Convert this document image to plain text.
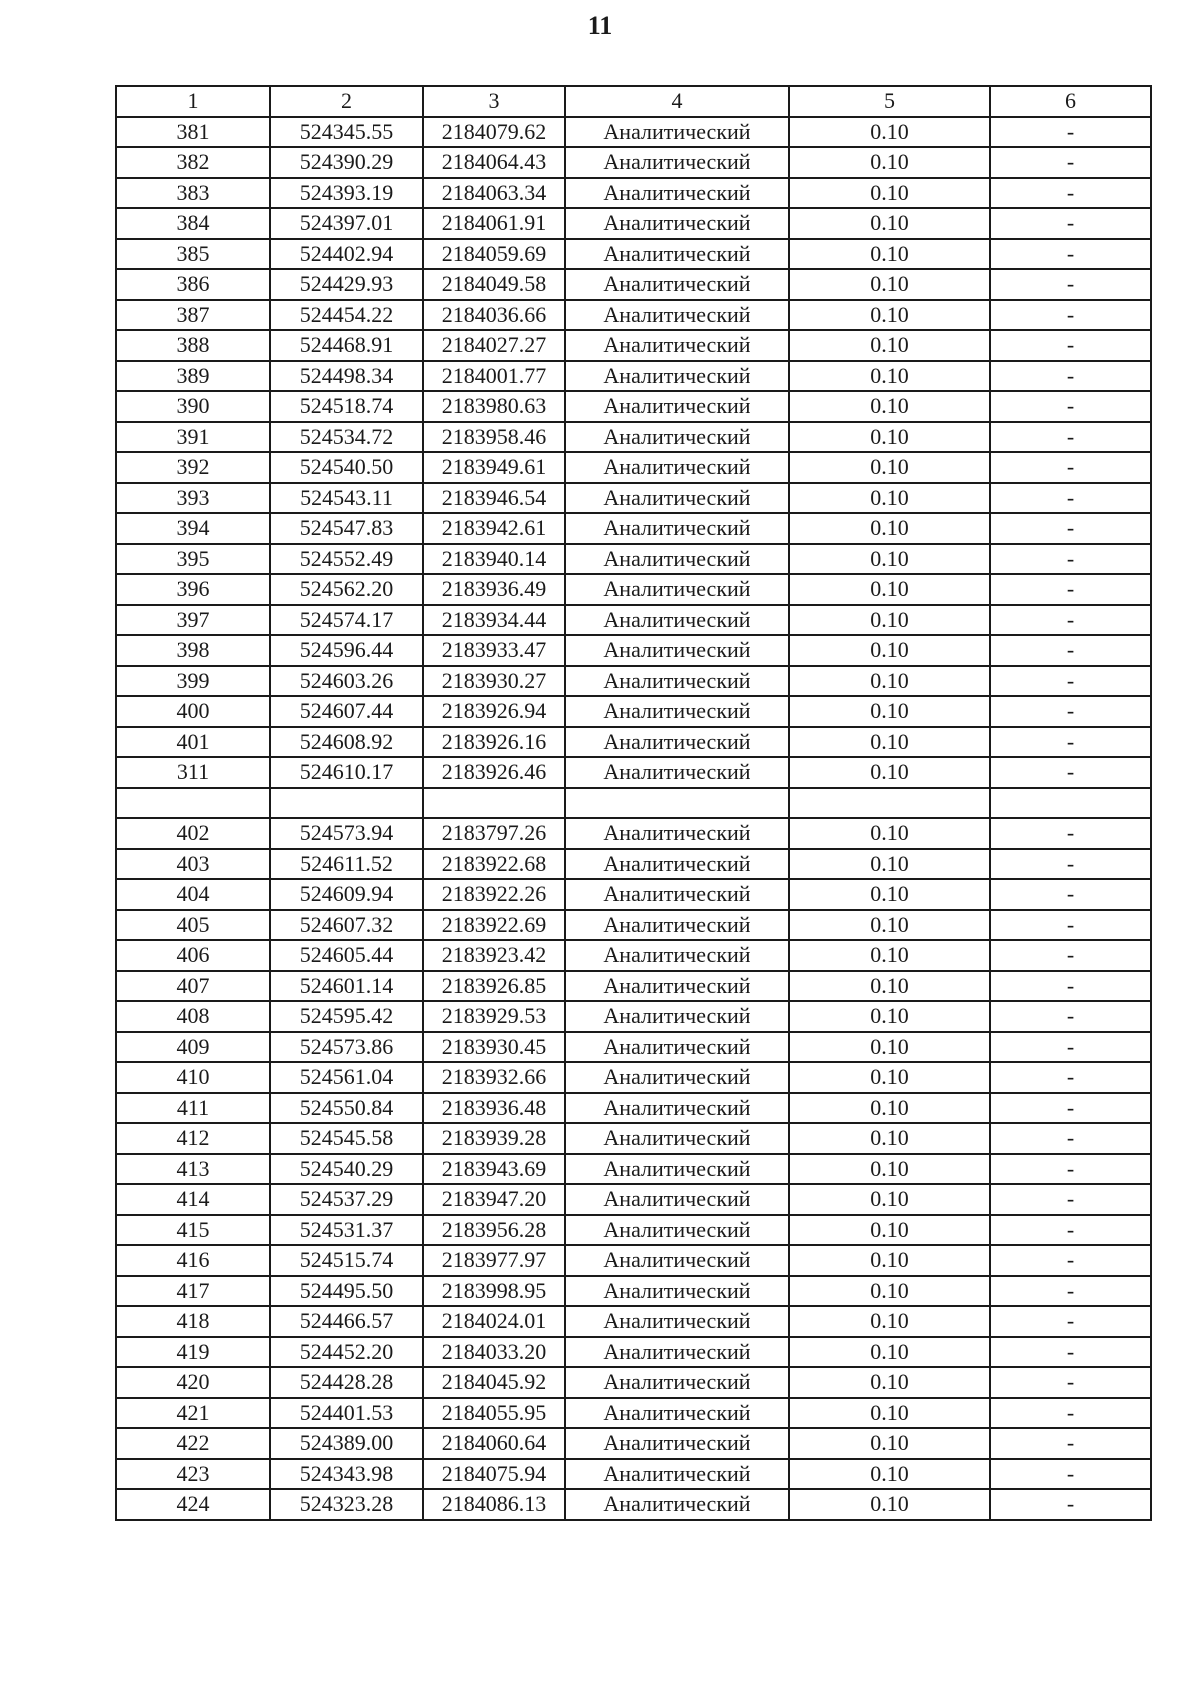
11
1	2	3	4	5	6
381	524345.55	2184079.62	Аналитический	0.10	-
382	524390.29	2184064.43	Аналитический	0.10	-
383	524393.19	2184063.34	Аналитический	0.10	-
384	524397.01	2184061.91	Аналитический	0.10	-
385	524402.94	2184059.69	Аналитический	0.10	-
386	524429.93	2184049.58	Аналитический	0.10	-
387	524454.22	2184036.66	Аналитический	0.10	-
388	524468.91	2184027.27	Аналитический	0.10	-
389	524498.34	2184001.77	Аналитический	0.10	-
390	524518.74	2183980.63	Аналитический	0.10	-
391	524534.72	2183958.46	Аналитический	0.10	-
392	524540.50	2183949.61	Аналитический	0.10	-
393	524543.11	2183946.54	Аналитический	0.10	-
394	524547.83	2183942.61	Аналитический	0.10	-
395	524552.49	2183940.14	Аналитический	0.10	-
396	524562.20	2183936.49	Аналитический	0.10	-
397	524574.17	2183934.44	Аналитический	0.10	-
398	524596.44	2183933.47	Аналитический	0.10	-
399	524603.26	2183930.27	Аналитический	0.10	-
400	524607.44	2183926.94	Аналитический	0.10	-
401	524608.92	2183926.16	Аналитический	0.10	-
311	524610.17	2183926.46	Аналитический	0.10	-

402	524573.94	2183797.26	Аналитический	0.10	-
403	524611.52	2183922.68	Аналитический	0.10	-
404	524609.94	2183922.26	Аналитический	0.10	-
405	524607.32	2183922.69	Аналитический	0.10	-
406	524605.44	2183923.42	Аналитический	0.10	-
407	524601.14	2183926.85	Аналитический	0.10	-
408	524595.42	2183929.53	Аналитический	0.10	-
409	524573.86	2183930.45	Аналитический	0.10	-
410	524561.04	2183932.66	Аналитический	0.10	-
411	524550.84	2183936.48	Аналитический	0.10	-
412	524545.58	2183939.28	Аналитический	0.10	-
413	524540.29	2183943.69	Аналитический	0.10	-
414	524537.29	2183947.20	Аналитический	0.10	-
415	524531.37	2183956.28	Аналитический	0.10	-
416	524515.74	2183977.97	Аналитический	0.10	-
417	524495.50	2183998.95	Аналитический	0.10	-
418	524466.57	2184024.01	Аналитический	0.10	-
419	524452.20	2184033.20	Аналитический	0.10	-
420	524428.28	2184045.92	Аналитический	0.10	-
421	524401.53	2184055.95	Аналитический	0.10	-
422	524389.00	2184060.64	Аналитический	0.10	-
423	524343.98	2184075.94	Аналитический	0.10	-
424	524323.28	2184086.13	Аналитический	0.10	-
